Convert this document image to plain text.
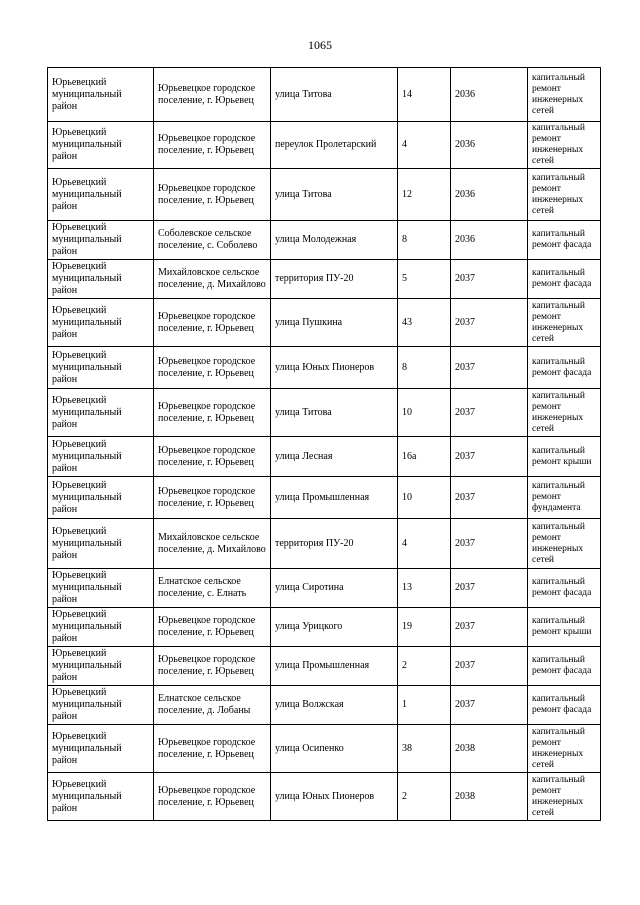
1065
Юрьевецкий муниципальный район	Юрьевецкое городское поселение, г. Юрьевец	улица Титова	14	2036	капитальный ремонт инженерных сетей
Юрьевецкий муниципальный район	Юрьевецкое городское поселение, г. Юрьевец	переулок Пролетарский	4	2036	капитальный ремонт инженерных сетей
Юрьевецкий муниципальный район	Юрьевецкое городское поселение, г. Юрьевец	улица Титова	12	2036	капитальный ремонт инженерных сетей
Юрьевецкий муниципальный район	Соболевское сельское поселение, с. Соболево	улица Молодежная	8	2036	капитальный ремонт фасада
Юрьевецкий муниципальный район	Михайловское сельское поселение, д. Михайлово	территория ПУ-20	5	2037	капитальный ремонт фасада
Юрьевецкий муниципальный район	Юрьевецкое городское поселение, г. Юрьевец	улица Пушкина	43	2037	капитальный ремонт инженерных сетей
Юрьевецкий муниципальный район	Юрьевецкое городское поселение, г. Юрьевец	улица Юных Пионеров	8	2037	капитальный ремонт фасада
Юрьевецкий муниципальный район	Юрьевецкое городское поселение, г. Юрьевец	улица Титова	10	2037	капитальный ремонт инженерных сетей
Юрьевецкий муниципальный район	Юрьевецкое городское поселение, г. Юрьевец	улица Лесная	16а	2037	капитальный ремонт крыши
Юрьевецкий муниципальный район	Юрьевецкое городское поселение, г. Юрьевец	улица Промышленная	10	2037	капитальный ремонт фундамента
Юрьевецкий муниципальный район	Михайловское сельское поселение, д. Михайлово	территория ПУ-20	4	2037	капитальный ремонт инженерных сетей
Юрьевецкий муниципальный район	Елнатское сельское поселение, с. Елнать	улица Сиротина	13	2037	капитальный ремонт фасада
Юрьевецкий муниципальный район	Юрьевецкое городское поселение, г. Юрьевец	улица Урицкого	19	2037	капитальный ремонт крыши
Юрьевецкий муниципальный район	Юрьевецкое городское поселение, г. Юрьевец	улица Промышленная	2	2037	капитальный ремонт фасада
Юрьевецкий муниципальный район	Елнатское сельское поселение, д. Лобаны	улица Волжская	1	2037	капитальный ремонт фасада
Юрьевецкий муниципальный район	Юрьевецкое городское поселение, г. Юрьевец	улица Осипенко	38	2038	капитальный ремонт инженерных сетей
Юрьевецкий муниципальный район	Юрьевецкое городское поселение, г. Юрьевец	улица Юных Пионеров	2	2038	капитальный ремонт инженерных сетей
